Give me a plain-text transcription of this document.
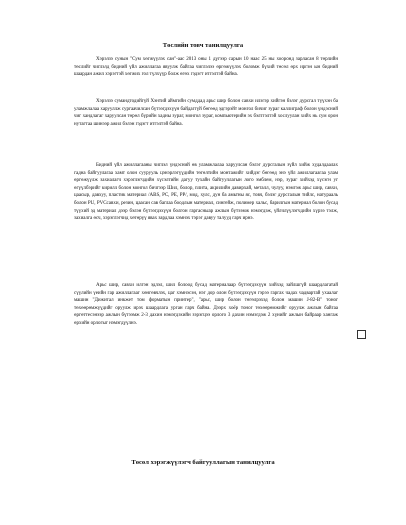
Төслийн товч танилцуулга

Хэрэлзэ сунын "Сум хөгжүүлэх сан"-аас 2013 оны 1 дүгээр сарын 10 наас 25 ны хооронд зарласан 8 төрлийн төслийг чиглэлд бидний үйл ажиллагаа явуулж байгаа чиглэлээ өргөжүүлэх боломж бүхий төсөл өрх иргэн ын бидний шаардан ажил хэрэгтэй хөгжих гол түлхүүр болж өгөх гэдэгт итгэлтэй байна.

Хэрэлзэ сумандтодийгүй Хэнтий аймгийн сумддад арьс шир болон савхи илэгэр хийгэн бэлэг дурсгал түүхэн ба уламжлалаа харууллж сургаачилсан бүтээгдэхүүн байдаггүй бөгөөд эдгэрэйт монгол бичиг зураг каллиграф болон үндэсний чиг хандлагаг харуулсан төрөл бүрийн хадны зураг, монгол зураг, компьютерийн эх бэлтгэлтэй хослуулан хийх нь сум орон нутагтаа шинээр ажил бэлэн гэдэгт итгэлтэй байна.

Бидний үйл ажиллагааны чиглэл үндэсний өв уламжлалаа харуулсан бэлэг дурсгалын зүйл хийж худалдаалах гадна байгуулагаа хамт олон суурууль цэнэрлэгүүдийн төгөлтийн монтажийг хийдэг бөгөөд энэ үйл ажиллагаагаа улам өргөжүүлж захиалагч хэрэглэгчдийн хүсэлтийн дагуу тухайн байгууллагын лого эмблем, нэр, зураг хийхэд хүсэгн уг өгүүлбэрийг кирилл болон монгол бичгээр Шил, болор, плита, акрилийн давирхай, металл, чулуу, нэмгэж арьс шир, савхи, цаасыр, давхуу, пластик материал /ABS, PC, PE, PP/, мод, хулс, дун ба амьтны яс, товч, бэлэг дурсгалын тийлс, натурааль болон PU, PVCсавхи, резин, цаасан сав баглаа боодлын материал, сингейж, полимер хальс, барилгын материал болон бусад түүхий эд материал дээр бэлэн бүтээгдэхүүн болгон гаргасныар ажлын бүтээмж нэмэгдэж, үйлчлүүлэгчдийн хүрээ тэлж, захиалга өсч, хэрэглэгчид хөтөрүү явах зардлаа хэмнэх тэрэг давуу талууд гарч ирнэ.

Арьс шир, савхи илгэн эдлэл, шил болоод бусад материалаар бүтээгдэхүүн хийхэд зайлшгүй шаардлагатай сүүлийн үеийн гар ажиллагааг хөнгөвчлэх, цаг хэмнэсэн, нэг дор олон бүтээгдэхүүн гэрээ гаргах чадах чадвартай ухаалаг машин "Дижитал инкжет том форматын принтер", "арьс, шир болон төгөлрэхэд болон машин J-82-В" тоног төхөөрөмжүүдийг оруулж ирэх шаардлага урган гарч байна. Дээрх хоёр тоног төхөөрөмжийг оруулж ажлын байгаа өргөттесэнээр ажлын бүтээмж 2-3 дахин нэмэгдэхийн зэрэгцээ орлого 3 дахин нэмэгдэж 2 хүнийг ажлын байраар хангаж өрхийн орлогыг нэмэгдүүлнэ.

Төсөл хэрэгжүүлэгч байгууллагын танилцуулга
